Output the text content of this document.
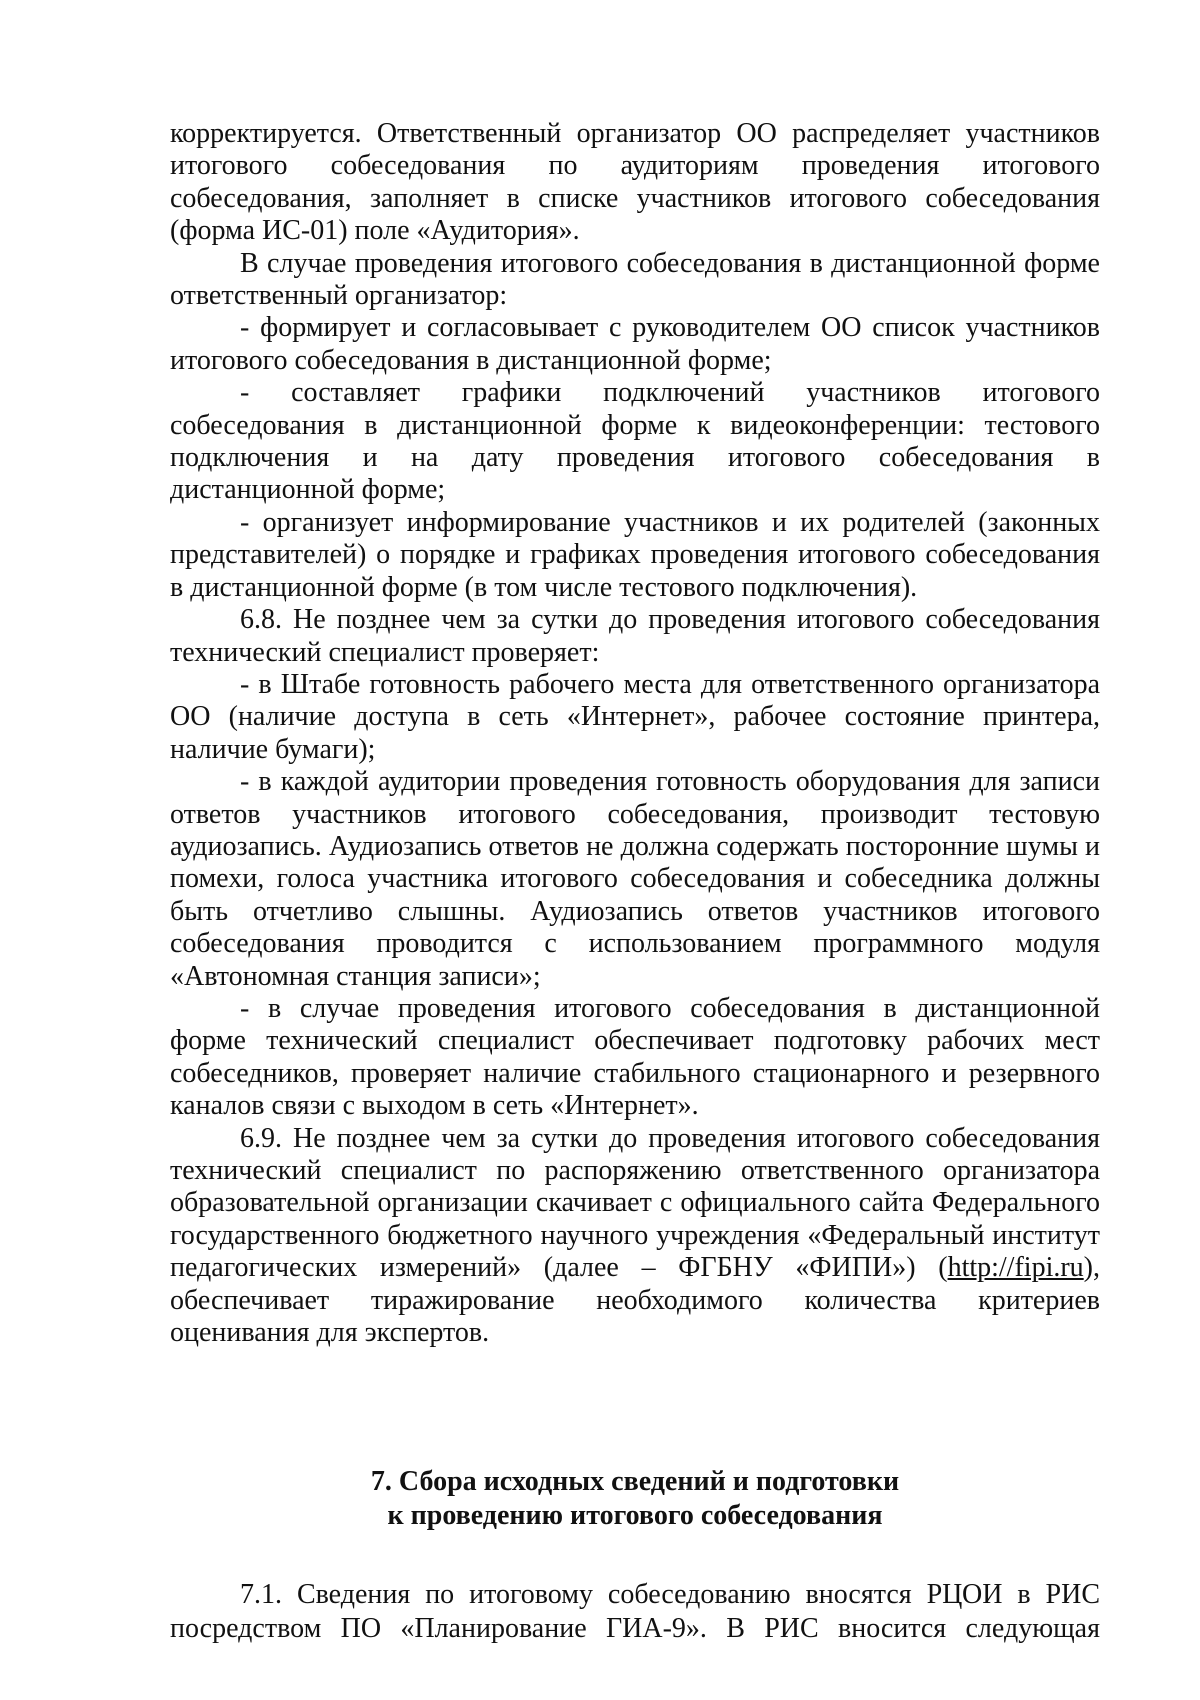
корректируется. Ответственный организатор ОО распределяет участников итогового собеседования по аудиториям проведения итогового собеседования, заполняет в списке участников итогового собеседования (форма ИС-01) поле «Аудитория».

В случае проведения итогового собеседования в дистанционной форме ответственный организатор:

- формирует и согласовывает с руководителем ОО список участников итогового собеседования в дистанционной форме;

- составляет графики подключений участников итогового собеседования в дистанционной форме к видеоконференции: тестового подключения и на дату проведения итогового собеседования в дистанционной форме;

- организует информирование участников и их родителей (законных представителей) о порядке и графиках проведения итогового собеседования в дистанционной форме (в том числе тестового подключения).

6.8. Не позднее чем за сутки до проведения итогового собеседования технический специалист проверяет:

- в Штабе готовность рабочего места для ответственного организатора ОО (наличие доступа в сеть «Интернет», рабочее состояние принтера, наличие бумаги);

- в каждой аудитории проведения готовность оборудования для записи ответов участников итогового собеседования, производит тестовую аудиозапись. Аудиозапись ответов не должна содержать посторонние шумы и помехи, голоса участника итогового собеседования и собеседника должны быть отчетливо слышны. Аудиозапись ответов участников итогового собеседования проводится с использованием программного модуля «Автономная станция записи»;

- в случае проведения итогового собеседования в дистанционной форме технический специалист обеспечивает подготовку рабочих мест собеседников, проверяет наличие стабильного стационарного и резервного каналов связи с выходом в сеть «Интернет».

6.9. Не позднее чем за сутки до проведения итогового собеседования технический специалист по распоряжению ответственного организатора образовательной организации скачивает с официального сайта Федерального государственного бюджетного научного учреждения «Федеральный институт педагогических измерений» (далее – ФГБНУ «ФИПИ») (http://fipi.ru), обеспечивает тиражирование необходимого количества критериев оценивания для экспертов.

7. Сбора исходных сведений и подготовки
к проведению итогового собеседования

7.1. Сведения по итоговому собеседованию вносятся РЦОИ в РИС посредством ПО «Планирование ГИА-9». В РИС вносится следующая
